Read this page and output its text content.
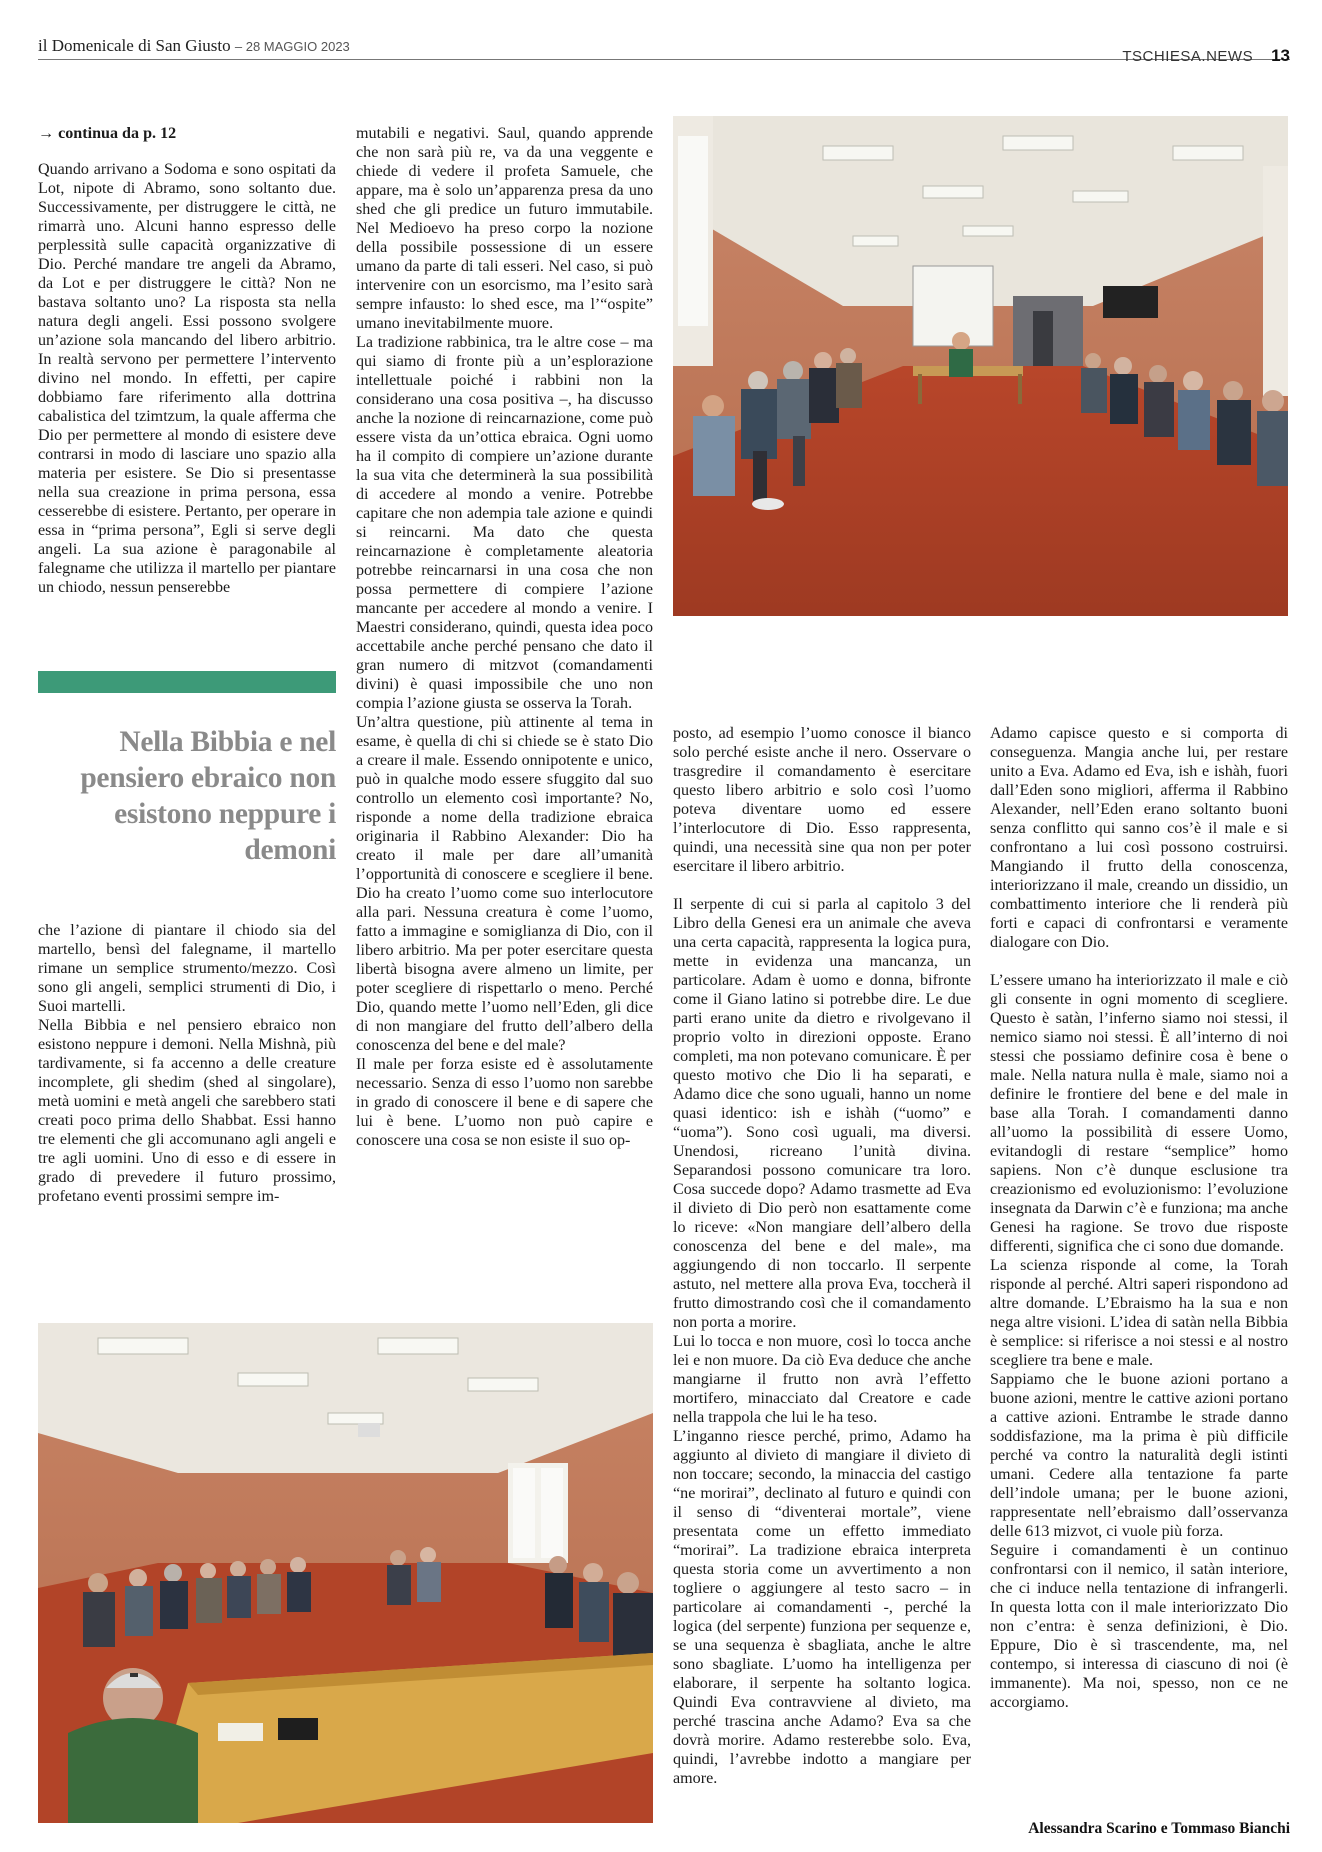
il Domenicale di San Giusto – 28 MAGGIO 2023
TSCHIESA.NEWS 13

→ continua da p. 12

Quando arrivano a Sodoma e sono ospitati da Lot, nipote di Abramo, sono soltanto due. Successivamente, per distruggere le città, ne rimarrà uno. Alcuni hanno espresso delle perplessità sulle capacità organizzative di Dio. Perché mandare tre angeli da Abramo, da Lot e per distruggere le città? Non ne bastava soltanto uno? La risposta sta nella natura degli angeli. Essi possono svolgere un’azione sola mancando del libero arbitrio. In realtà servono per permettere l’intervento divino nel mondo. In effetti, per capire dobbiamo fare riferimento alla dottrina cabalistica del tzimtzum, la quale afferma che Dio per permettere al mondo di esistere deve contrarsi in modo di lasciare uno spazio alla materia per esistere. Se Dio si presentasse nella sua creazione in prima persona, essa cesserebbe di esistere. Pertanto, per operare in essa in “prima persona”, Egli si serve degli angeli. La sua azione è paragonabile al falegname che utilizza il martello per piantare un chiodo, nessun penserebbe

Nella Bibbia e nel pensiero ebraico non esistono neppure i demoni

che l’azione di piantare il chiodo sia del martello, bensì del falegname, il martello rimane un semplice strumento/mezzo. Così sono gli angeli, semplici strumenti di Dio, i Suoi martelli.

Nella Bibbia e nel pensiero ebraico non esistono neppure i demoni. Nella Mishnà, più tardivamente, si fa accenno a delle creature incomplete, gli shedim (shed al singolare), metà uomini e metà angeli che sarebbero stati creati poco prima dello Shabbat. Essi hanno tre elementi che gli accomunano agli angeli e tre agli uomini. Uno di esso e di essere in grado di prevedere il futuro prossimo, profetano eventi prossimi sempre im-

mutabili e negativi. Saul, quando apprende che non sarà più re, va da una veggente e chiede di vedere il profeta Samuele, che appare, ma è solo un’apparenza presa da uno shed che gli predice un futuro immutabile. Nel Medioevo ha preso corpo la nozione della possibile possessione di un essere umano da parte di tali esseri. Nel caso, si può intervenire con un esorcismo, ma l’esito sarà sempre infausto: lo shed esce, ma l’“ospite” umano inevitabilmente muore.

La tradizione rabbinica, tra le altre cose – ma qui siamo di fronte più a un’esplorazione intellettuale poiché i rabbini non la considerano una cosa positiva –, ha discusso anche la nozione di reincarnazione, come può essere vista da un’ottica ebraica. Ogni uomo ha il compito di compiere un’azione durante la sua vita che determinerà la sua possibilità di accedere al mondo a venire. Potrebbe capitare che non adempia tale azione e quindi si reincarni. Ma dato che questa reincarnazione è completamente aleatoria potrebbe reincarnarsi in una cosa che non possa permettere di compiere l’azione mancante per accedere al mondo a venire. I Maestri considerano, quindi, questa idea poco accettabile anche perché pensano che dato il gran numero di mitzvot (comandamenti divini) è quasi impossibile che uno non compia l’azione giusta se osserva la Torah.

Un’altra questione, più attinente al tema in esame, è quella di chi si chiede se è stato Dio a creare il male. Essendo onnipotente e unico, può in qualche modo essere sfuggito dal suo controllo un elemento così importante? No, risponde a nome della tradizione ebraica originaria il Rabbino Alexander: Dio ha creato il male per dare all’umanità l’opportunità di conoscere e scegliere il bene. Dio ha creato l’uomo come suo interlocutore alla pari. Nessuna creatura è come l’uomo, fatto a immagine e somiglianza di Dio, con il libero arbitrio. Ma per poter esercitare questa libertà bisogna avere almeno un limite, per poter scegliere di rispettarlo o meno. Perché Dio, quando mette l’uomo nell’Eden, gli dice di non mangiare del frutto dell’albero della conoscenza del bene e del male?

Il male per forza esiste ed è assolutamente necessario. Senza di esso l’uomo non sarebbe in grado di conoscere il bene e di sapere che lui è bene. L’uomo non può capire e conoscere una cosa se non esiste il suo op-

posto, ad esempio l’uomo conosce il bianco solo perché esiste anche il nero. Osservare o trasgredire il comandamento è esercitare questo libero arbitrio e solo così l’uomo poteva diventare uomo ed essere l’interlocutore di Dio. Esso rappresenta, quindi, una necessità sine qua non per poter esercitare il libero arbitrio.

Il serpente di cui si parla al capitolo 3 del Libro della Genesi era un animale che aveva una certa capacità, rappresenta la logica pura, mette in evidenza una mancanza, un particolare. Adam è uomo e donna, bifronte come il Giano latino si potrebbe dire. Le due parti erano unite da dietro e rivolgevano il proprio volto in direzioni opposte. Erano completi, ma non potevano comunicare. È per questo motivo che Dio li ha separati, e Adamo dice che sono uguali, hanno un nome quasi identico: ish e ishàh (“uomo” e “uoma”). Sono così uguali, ma diversi. Unendosi, ricreano l’unità divina. Separandosi possono comunicare tra loro. Cosa succede dopo? Adamo trasmette ad Eva il divieto di Dio però non esattamente come lo riceve: «Non mangiare dell’albero della conoscenza del bene e del male», ma aggiungendo di non toccarlo. Il serpente astuto, nel mettere alla prova Eva, toccherà il frutto dimostrando così che il comandamento non porta a morire.

Lui lo tocca e non muore, così lo tocca anche lei e non muore. Da ciò Eva deduce che anche mangiarne il frutto non avrà l’effetto mortifero, minacciato dal Creatore e cade nella trappola che lui le ha teso.

L’inganno riesce perché, primo, Adamo ha aggiunto al divieto di mangiare il divieto di non toccare; secondo, la minaccia del castigo “ne morirai”, declinato al futuro e quindi con il senso di “diventerai mortale”, viene presentata come un effetto immediato “morirai”. La tradizione ebraica interpreta questa storia come un avvertimento a non togliere o aggiungere al testo sacro – in particolare ai comandamenti -, perché la logica (del serpente) funziona per sequenze e, se una sequenza è sbagliata, anche le altre sono sbagliate. L’uomo ha intelligenza per elaborare, il serpente ha soltanto logica. Quindi Eva contravviene al divieto, ma perché trascina anche Adamo? Eva sa che dovrà morire. Adamo resterebbe solo. Eva, quindi, l’avrebbe indotto a mangiare per amore.

Adamo capisce questo e si comporta di conseguenza. Mangia anche lui, per restare unito a Eva. Adamo ed Eva, ish e ishàh, fuori dall’Eden sono migliori, afferma il Rabbino Alexander, nell’Eden erano soltanto buoni senza conflitto qui sanno cos’è il male e si confrontano a lui così possono costruirsi. Mangiando il frutto della conoscenza, interiorizzano il male, creando un dissidio, un combattimento interiore che li renderà più forti e capaci di confrontarsi e veramente dialogare con Dio.

L’essere umano ha interiorizzato il male e ciò gli consente in ogni momento di scegliere. Questo è satàn, l’inferno siamo noi stessi, il nemico siamo noi stessi. È all’interno di noi stessi che possiamo definire cosa è bene o male. Nella natura nulla è male, siamo noi a definire le frontiere del bene e del male in base alla Torah. I comandamenti danno all’uomo la possibilità di essere Uomo, evitandogli di restare “semplice” homo sapiens. Non c’è dunque esclusione tra creazionismo ed evoluzionismo: l’evoluzione insegnata da Darwin c’è e funziona; ma anche Genesi ha ragione. Se trovo due risposte differenti, significa che ci sono due domande.

La scienza risponde al come, la Torah risponde al perché. Altri saperi rispondono ad altre domande. L’Ebraismo ha la sua e non nega altre visioni. L’idea di satàn nella Bibbia è semplice: si riferisce a noi stessi e al nostro scegliere tra bene e male.

Sappiamo che le buone azioni portano a buone azioni, mentre le cattive azioni portano a cattive azioni. Entrambe le strade danno soddisfazione, ma la prima è più difficile perché va contro la naturalità degli istinti umani. Cedere alla tentazione fa parte dell’indole umana; per le buone azioni, rappresentate nell’ebraismo dall’osservanza delle 613 mizvot, ci vuole più forza.

Seguire i comandamenti è un continuo confrontarsi con il nemico, il satàn interiore, che ci induce nella tentazione di infrangerli. In questa lotta con il male interiorizzato Dio non c’entra: è senza definizioni, è Dio. Eppure, Dio è sì trascendente, ma, nel contempo, si interessa di ciascuno di noi (è immanente). Ma noi, spesso, non ce ne accorgiamo.

Alessandra Scarino e Tommaso Bianchi
